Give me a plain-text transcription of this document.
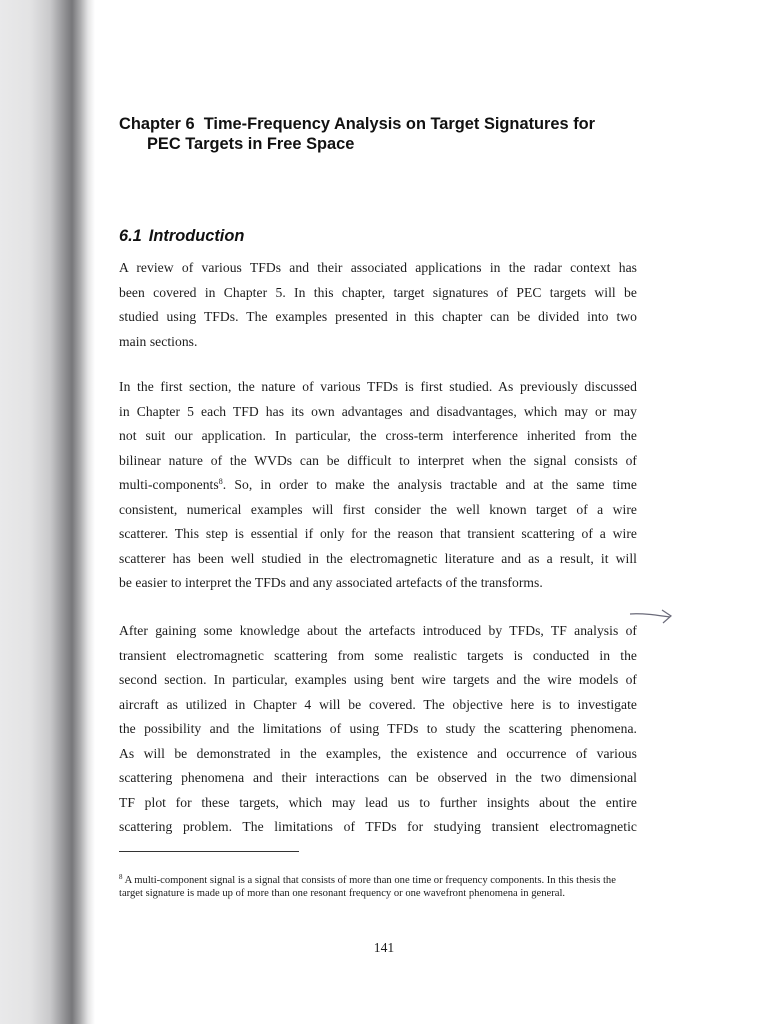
Chapter 6  Time-Frequency Analysis on Target Signatures for
PEC Targets in Free Space
6.1 Introduction

A review of various TFDs and their associated applications in the radar context has
been covered in Chapter 5. In this chapter, target signatures of PEC targets will be
studied using TFDs. The examples presented in this chapter can be divided into two
main sections.

In the first section, the nature of various TFDs is first studied. As previously discussed
in Chapter 5 each TFD has its own advantages and disadvantages, which may or may
not suit our application. In particular, the cross-term interference inherited from the
bilinear nature of the WVDs can be difficult to interpret when the signal consists of
multi-components$^8$. So, in order to make the analysis tractable and at the same time
consistent, numerical examples will first consider the well known target of a wire
scatterer. This step is essential if only for the reason that transient scattering of a wire
scatterer has been well studied in the electromagnetic literature and as a result, it will
be easier to interpret the TFDs and any associated artefacts of the transforms.

After gaining some knowledge about the artefacts introduced by TFDs, TF analysis of
transient electromagnetic scattering from some realistic targets is conducted in the
second section. In particular, examples using bent wire targets and the wire models of
aircraft as utilized in Chapter 4 will be covered. The objective here is to investigate
the possibility and the limitations of using TFDs to study the scattering phenomena.
As will be demonstrated in the examples, the existence and occurrence of various
scattering phenomena and their interactions can be observed in the two dimensional
TF plot for these targets, which may lead us to further insights about the entire
scattering problem. The limitations of TFDs for studying transient electromagnetic

$^8$ A multi-component signal is a signal that consists of more than one time or frequency components. In this thesis the target signature is made up of more than one resonant frequency or one wavefront phenomena in general.

141
